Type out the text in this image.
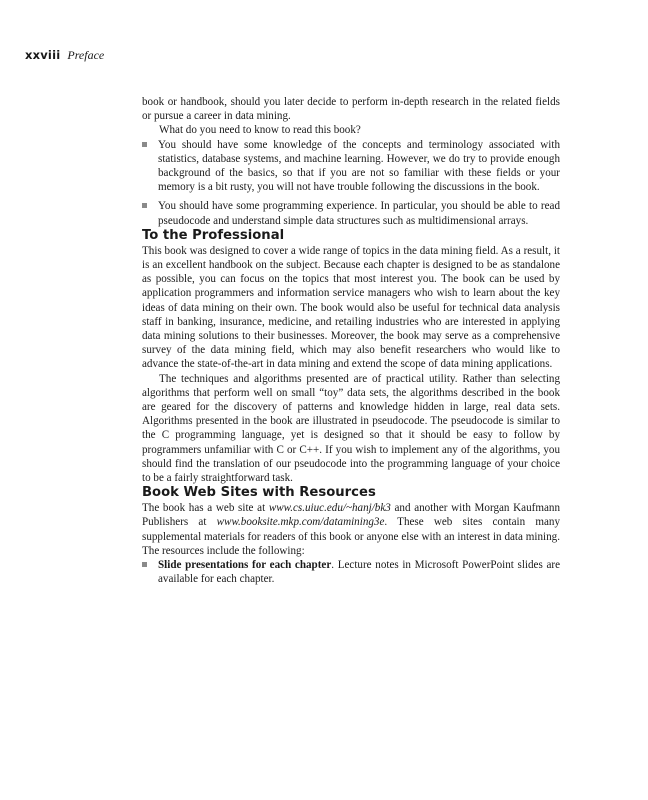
xxviii Preface

book or handbook, should you later decide to perform in-depth research in the related fields or pursue a career in data mining.

What do you need to know to read this book?

You should have some knowledge of the concepts and terminology associated with statistics, database systems, and machine learning. However, we do try to provide enough background of the basics, so that if you are not so familiar with these fields or your memory is a bit rusty, you will not have trouble following the discussions in the book.
You should have some programming experience. In particular, you should be able to read pseudocode and understand simple data structures such as multidimensional arrays.
To the Professional

This book was designed to cover a wide range of topics in the data mining field. As a result, it is an excellent handbook on the subject. Because each chapter is designed to be as standalone as possible, you can focus on the topics that most interest you. The book can be used by application programmers and information service managers who wish to learn about the key ideas of data mining on their own. The book would also be useful for technical data analysis staff in banking, insurance, medicine, and retailing industries who are interested in applying data mining solutions to their businesses. Moreover, the book may serve as a comprehensive survey of the data mining field, which may also benefit researchers who would like to advance the state-of-the-art in data mining and extend the scope of data mining applications.

The techniques and algorithms presented are of practical utility. Rather than selecting algorithms that perform well on small “toy” data sets, the algorithms described in the book are geared for the discovery of patterns and knowledge hidden in large, real data sets. Algorithms presented in the book are illustrated in pseudocode. The pseudocode is similar to the C programming language, yet is designed so that it should be easy to follow by programmers unfamiliar with C or C++. If you wish to implement any of the algorithms, you should find the translation of our pseudocode into the programming language of your choice to be a fairly straightforward task.

Book Web Sites with Resources

The book has a web site at www.cs.uiuc.edu/~hanj/bk3 and another with Morgan Kaufmann Publishers at www.booksite.mkp.com/datamining3e. These web sites contain many supplemental materials for readers of this book or anyone else with an interest in data mining. The resources include the following:

Slide presentations for each chapter. Lecture notes in Microsoft PowerPoint slides are available for each chapter.
